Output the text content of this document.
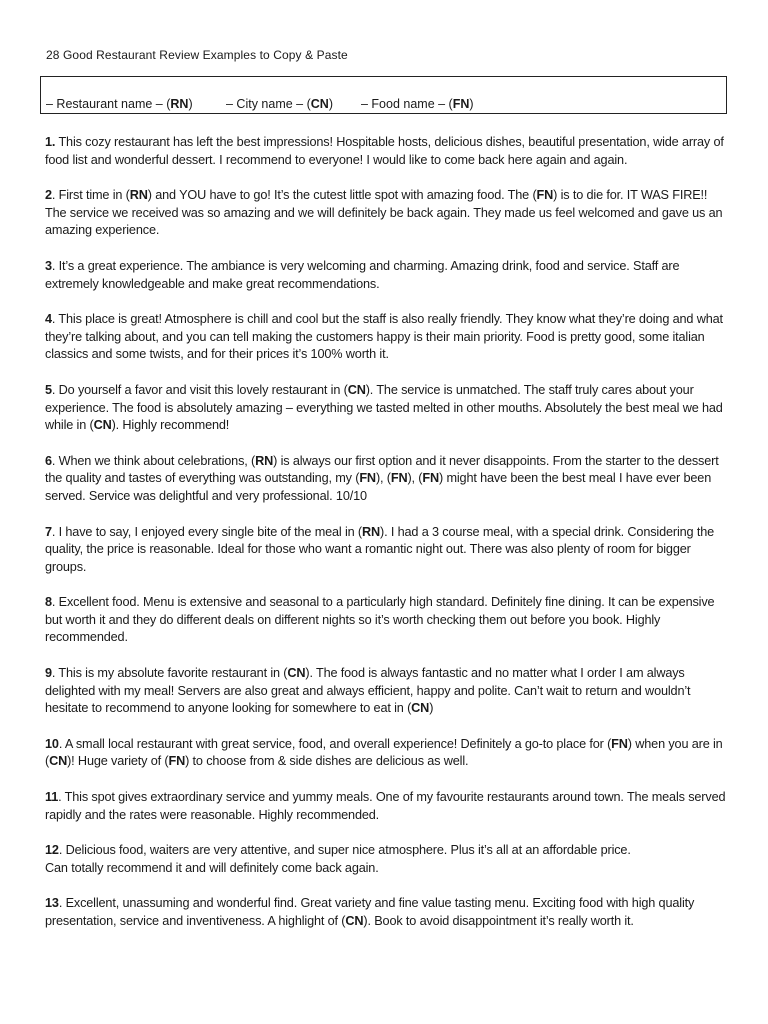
28 Good Restaurant Review Examples to Copy & Paste
– Restaurant name – (RN)	– City name – (CN) – Food name – (FN)
1. This cozy restaurant has left the best impressions! Hospitable hosts, delicious dishes, beautiful presentation, wide array of food list and wonderful dessert. I recommend to everyone! I would like to come back here again and again.
2. First time in (RN) and YOU have to go! It’s the cutest little spot with amazing food. The (FN) is to die for. IT WAS FIRE!! The service we received was so amazing and we will definitely be back again. They made us feel welcomed and gave us an amazing experience.
3. It’s a great experience. The ambiance is very welcoming and charming. Amazing drink, food and service. Staff are extremely knowledgeable and make great recommendations.
4. This place is great! Atmosphere is chill and cool but the staff is also really friendly. They know what they’re doing and what they’re talking about, and you can tell making the customers happy is their main priority. Food is pretty good, some italian classics and some twists, and for their prices it’s 100% worth it.
5. Do yourself a favor and visit this lovely restaurant in (CN). The service is unmatched. The staff truly cares about your experience. The food is absolutely amazing – everything we tasted melted in other mouths. Absolutely the best meal we had while in (CN). Highly recommend!
6. When we think about celebrations, (RN) is always our first option and it never disappoints. From the starter to the dessert the quality and tastes of everything was outstanding, my (FN), (FN), (FN) might have been the best meal I have ever been served. Service was delightful and very professional. 10/10
7. I have to say, I enjoyed every single bite of the meal in (RN). I had a 3 course meal, with a special drink. Considering the quality, the price is reasonable. Ideal for those who want a romantic night out. There was also plenty of room for bigger groups.
8. Excellent food. Menu is extensive and seasonal to a particularly high standard. Definitely fine dining. It can be expensive but worth it and they do different deals on different nights so it’s worth checking them out before you book. Highly recommended.
9. This is my absolute favorite restaurant in (CN). The food is always fantastic and no matter what I order I am always delighted with my meal! Servers are also great and always efficient, happy and polite. Can’t wait to return and wouldn’t hesitate to recommend to anyone looking for somewhere to eat in (CN)
10. A small local restaurant with great service, food, and overall experience! Definitely a go-to place for (FN) when you are in (CN)! Huge variety of (FN) to choose from & side dishes are delicious as well.
11. This spot gives extraordinary service and yummy meals. One of my favourite restaurants around town. The meals served rapidly and the rates were reasonable. Highly recommended.
12. Delicious food, waiters are very attentive, and super nice atmosphere. Plus it’s all at an affordable price.
Can totally recommend it and will definitely come back again.
13. Excellent, unassuming and wonderful find. Great variety and fine value tasting menu. Exciting food with high quality presentation, service and inventiveness. A highlight of (CN). Book to avoid disappointment it’s really worth it.
